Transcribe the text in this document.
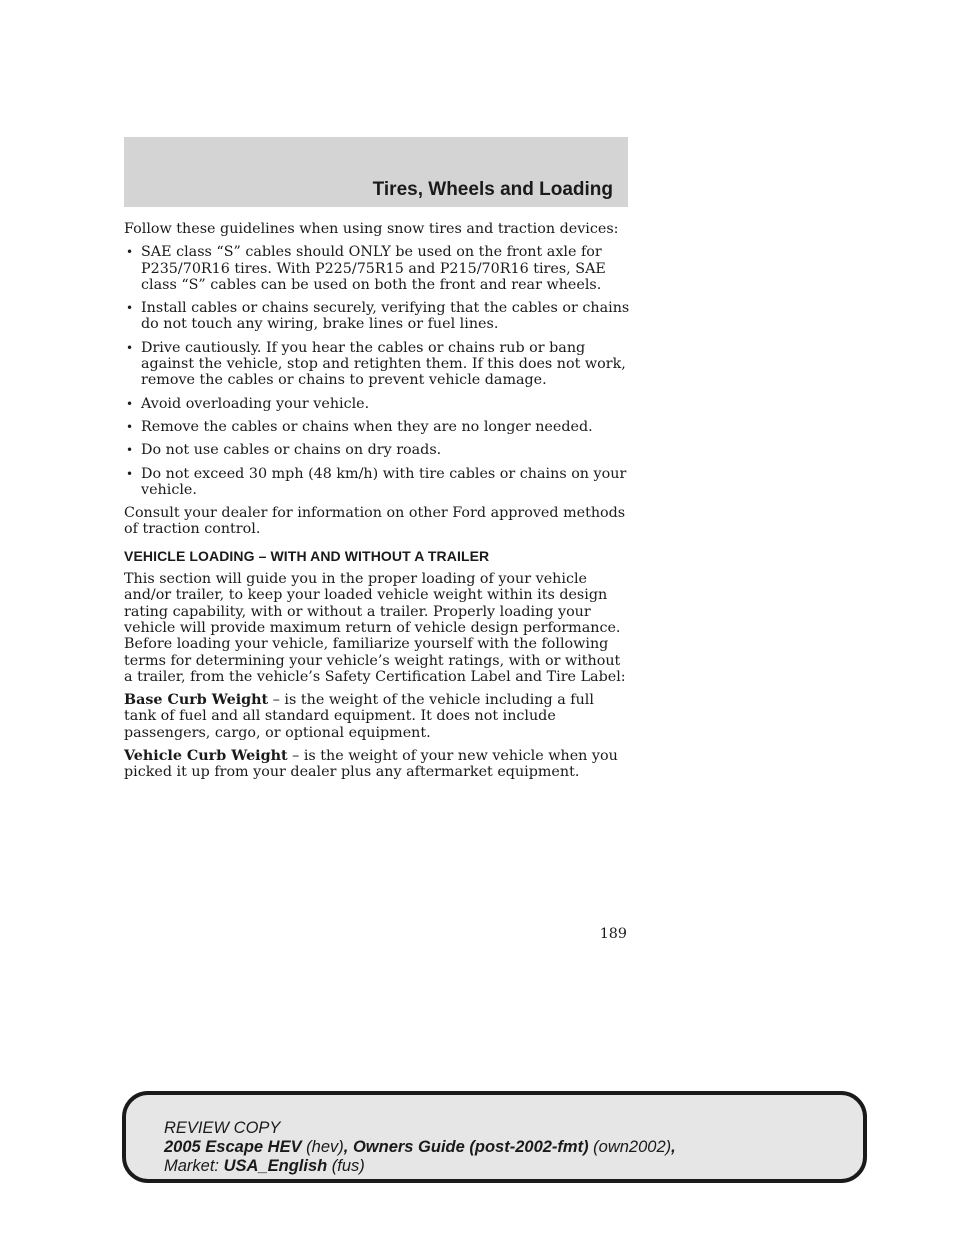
Tires, Wheels and Loading

Follow these guidelines when using snow tires and traction devices:

• SAE class “S” cables should ONLY be used on the front axle for P235/70R16 tires. With P225/75R15 and P215/70R16 tires, SAE class “S” cables can be used on both the front and rear wheels.
• Install cables or chains securely, verifying that the cables or chains do not touch any wiring, brake lines or fuel lines.
• Drive cautiously. If you hear the cables or chains rub or bang against the vehicle, stop and retighten them. If this does not work, remove the cables or chains to prevent vehicle damage.
• Avoid overloading your vehicle.
• Remove the cables or chains when they are no longer needed.
• Do not use cables or chains on dry roads.
• Do not exceed 30 mph (48 km/h) with tire cables or chains on your vehicle.

Consult your dealer for information on other Ford approved methods of traction control.

VEHICLE LOADING – WITH AND WITHOUT A TRAILER

This section will guide you in the proper loading of your vehicle and/or trailer, to keep your loaded vehicle weight within its design rating capability, with or without a trailer. Properly loading your vehicle will provide maximum return of vehicle design performance. Before loading your vehicle, familiarize yourself with the following terms for determining your vehicle’s weight ratings, with or without a trailer, from the vehicle’s Safety Certification Label and Tire Label:

Base Curb Weight – is the weight of the vehicle including a full tank of fuel and all standard equipment. It does not include passengers, cargo, or optional equipment.

Vehicle Curb Weight – is the weight of your new vehicle when you picked it up from your dealer plus any aftermarket equipment.

189
REVIEW COPY
2005 Escape HEV (hev), Owners Guide (post-2002-fmt) (own2002),
Market: USA_English (fus)
